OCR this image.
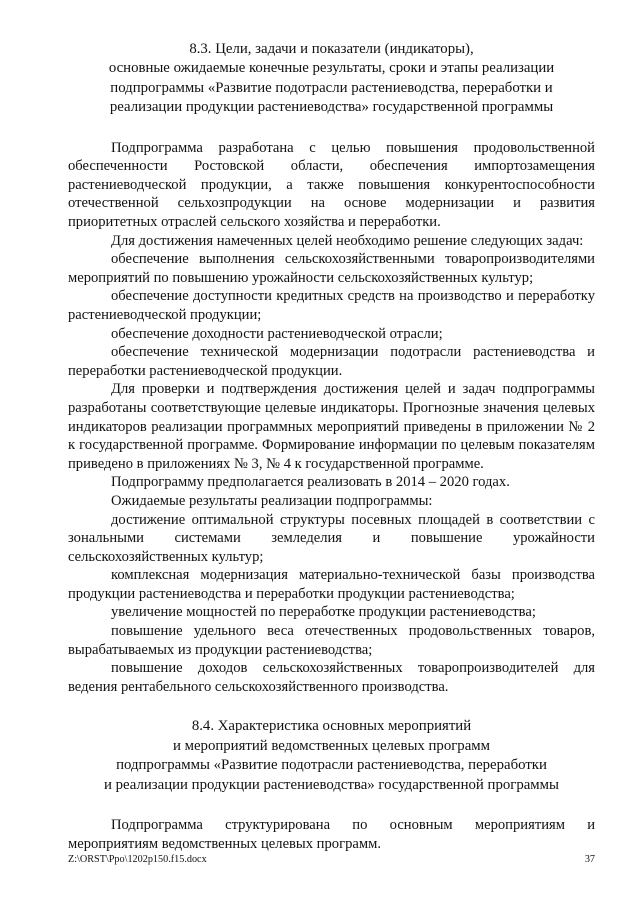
8.3. Цели, задачи и показатели (индикаторы),
основные ожидаемые конечные результаты, сроки и этапы реализации
подпрограммы «Развитие подотрасли растениеводства, переработки и
реализации продукции растениеводства» государственной программы

Подпрограмма разработана с целью повышения продовольственной обеспеченности Ростовской области, обеспечения импортозамещения растениеводческой продукции, а также повышения конкурентоспособности отечественной сельхозпродукции на основе модернизации и развития приоритетных отраслей сельского хозяйства и переработки.

Для достижения намеченных целей необходимо решение следующих задач:

обеспечение выполнения сельскохозяйственными товаропроизводителями мероприятий по повышению урожайности сельскохозяйственных культур;

обеспечение доступности кредитных средств на производство и переработку растениеводческой продукции;

обеспечение доходности растениеводческой отрасли;

обеспечение технической модернизации подотрасли растениеводства и переработки растениеводческой продукции.

Для проверки и подтверждения достижения целей и задач подпрограммы разработаны соответствующие целевые индикаторы. Прогнозные значения целевых индикаторов реализации программных мероприятий приведены в приложении № 2 к государственной программе. Формирование информации по целевым показателям приведено в приложениях № 3, № 4 к государственной программе.

Подпрограмму предполагается реализовать в 2014 – 2020 годах.

Ожидаемые результаты реализации подпрограммы:

достижение оптимальной структуры посевных площадей в соответствии с зональными системами земледелия и повышение урожайности сельскохозяйственных культур;

комплексная модернизация материально-технической базы производства продукции растениеводства и переработки продукции растениеводства;

увеличение мощностей по переработке продукции растениеводства;

повышение удельного веса отечественных продовольственных товаров, вырабатываемых из продукции растениеводства;

повышение доходов сельскохозяйственных товаропроизводителей для ведения рентабельного сельскохозяйственного производства.

8.4. Характеристика основных мероприятий
и мероприятий ведомственных целевых программ
подпрограммы «Развитие подотрасли растениеводства, переработки
и реализации продукции растениеводства» государственной программы

Подпрограмма структурирована по основным мероприятиям и мероприятиям ведомственных целевых программ.

Z:\ORST\Ppo\1202p150.f15.docx	37
